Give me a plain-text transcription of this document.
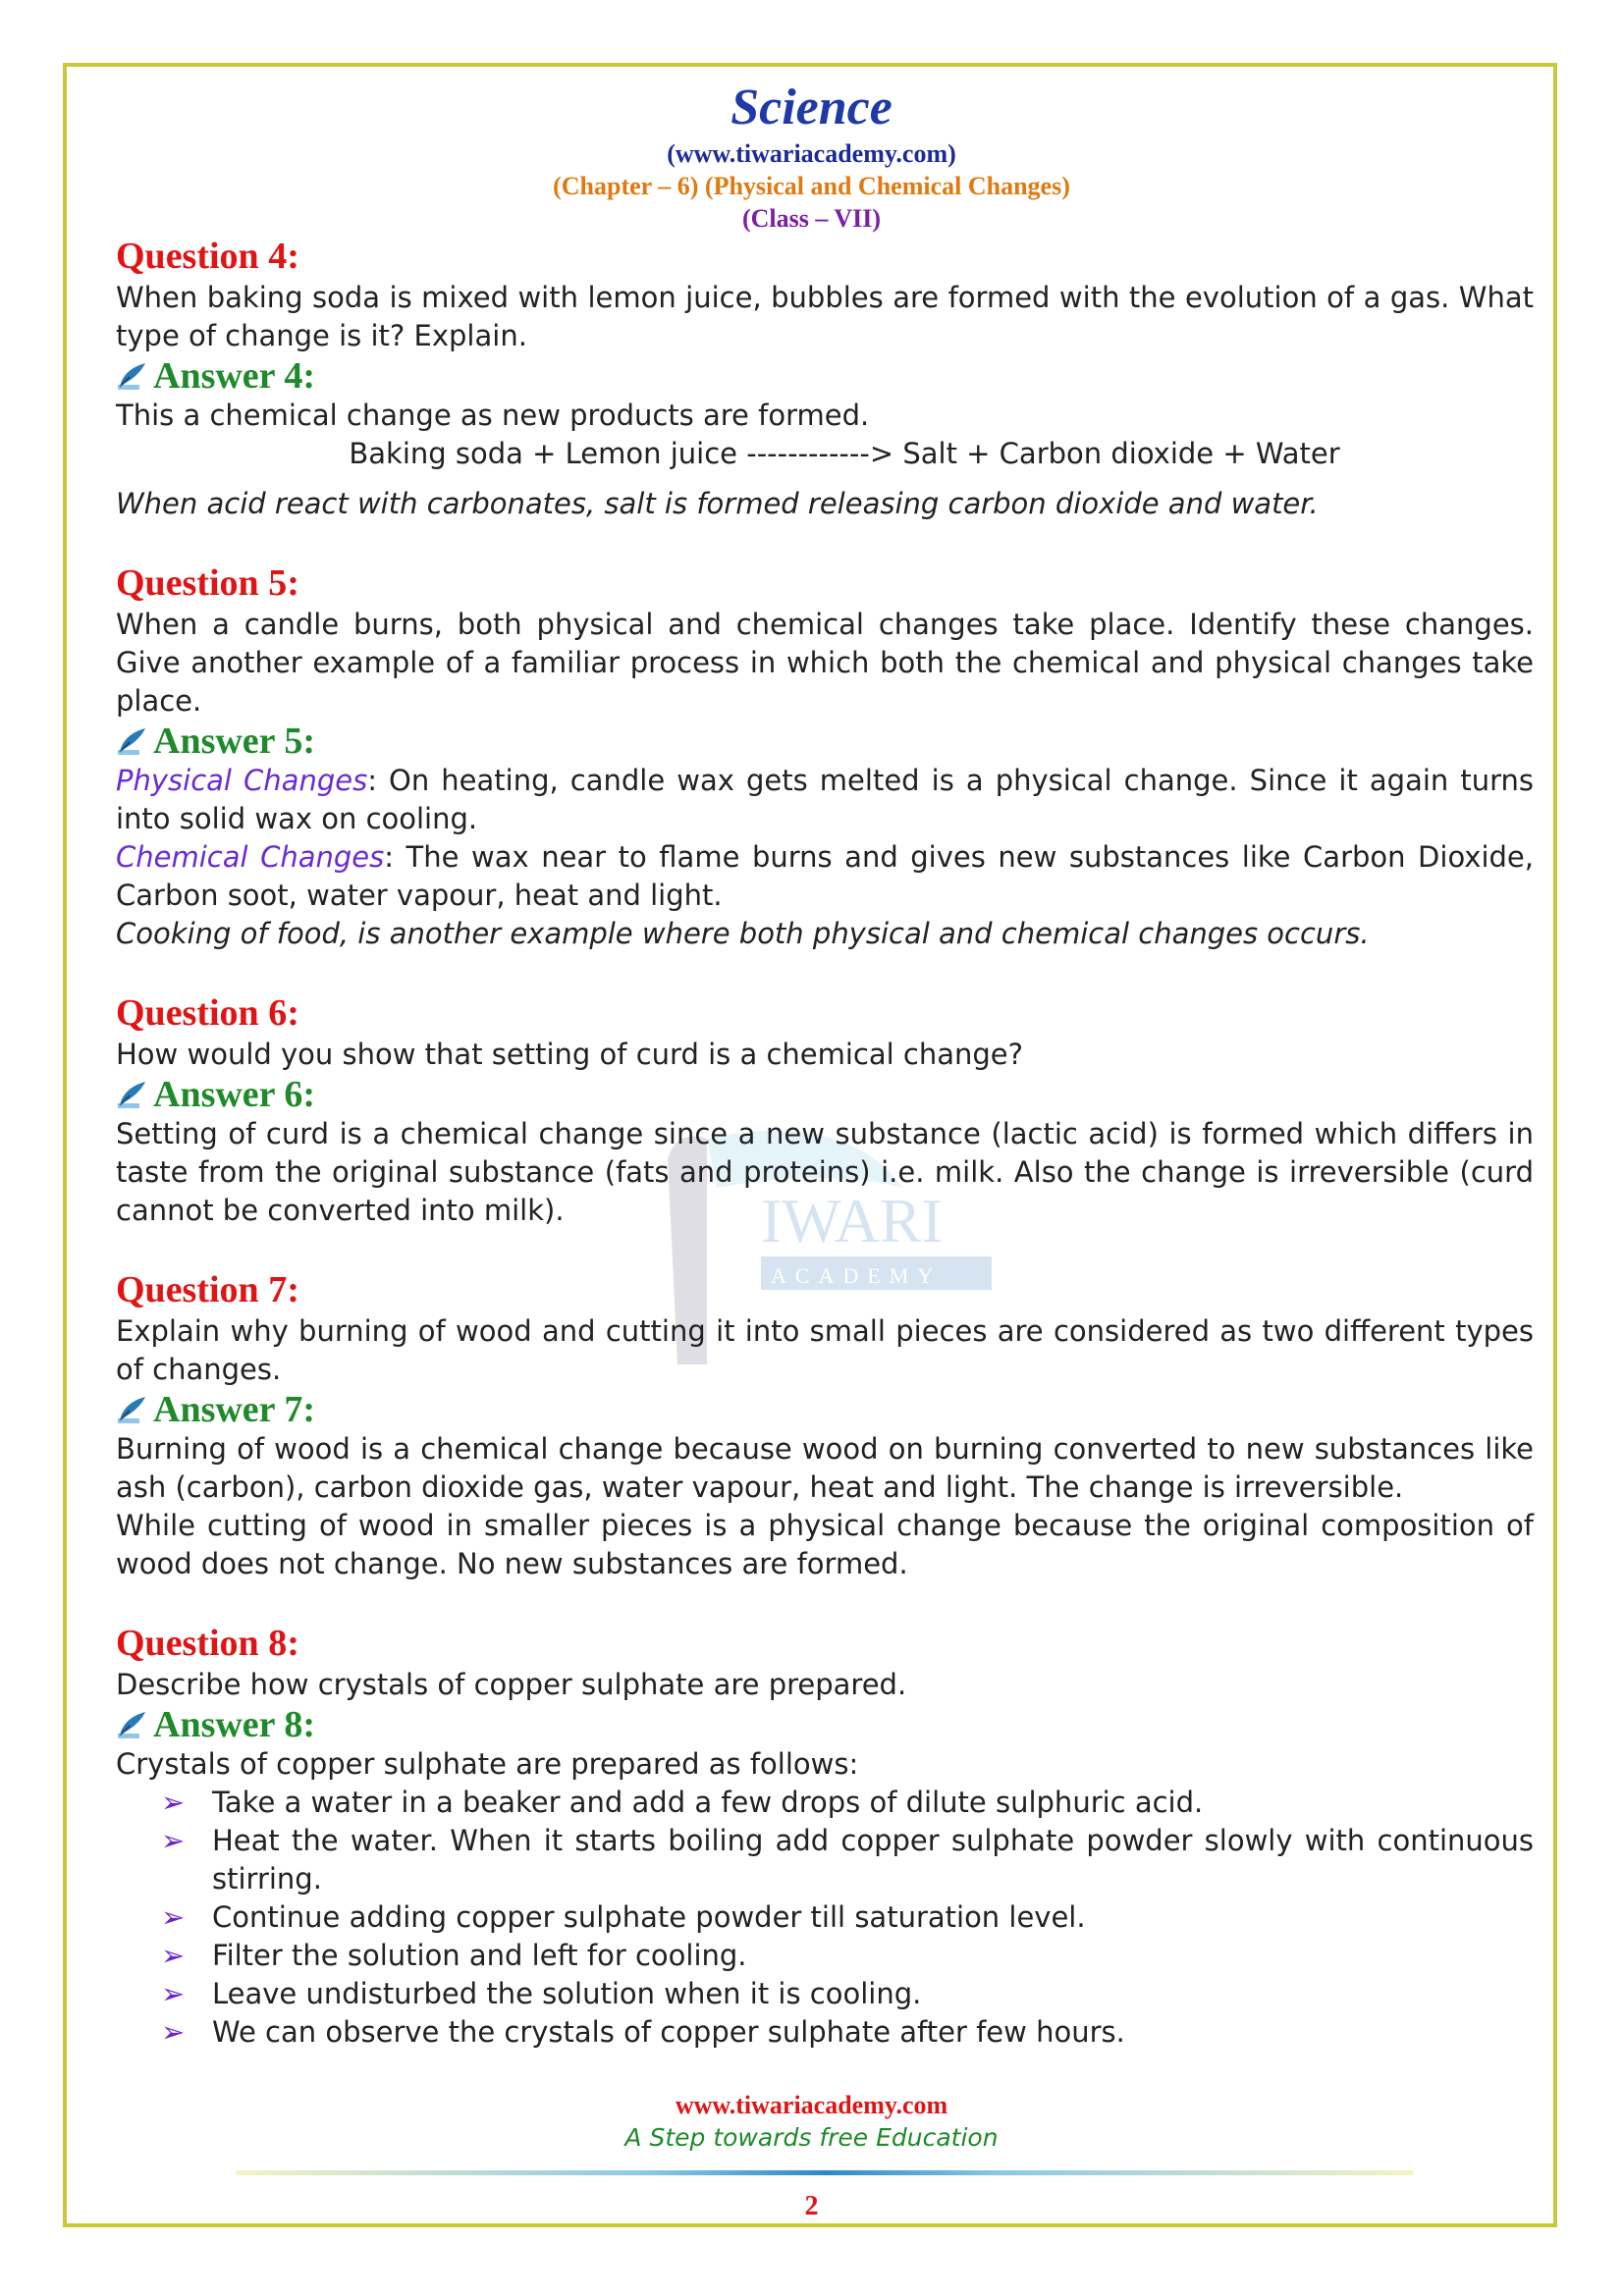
Science
(www.tiwariacademy.com)
(Chapter – 6) (Physical and Chemical Changes)
(Class – VII)
IWARI
ACADEMY
Question 4:
When baking soda is mixed with lemon juice, bubbles are formed with the evolution of a gas. What type of change is it? Explain.
Answer 4:
This a chemical change as new products are formed.
Baking soda + Lemon juice ------------> Salt + Carbon dioxide + Water
When acid react with carbonates, salt is formed releasing carbon dioxide and water.
Question 5:
When a candle burns, both physical and chemical changes take place. Identify these changes. Give another example of a familiar process in which both the chemical and physical changes take place.
Answer 5:
Physical Changes: On heating, candle wax gets melted is a physical change. Since it again turns into solid wax on cooling.
Chemical Changes: The wax near to flame burns and gives new substances like Carbon Dioxide, Carbon soot, water vapour, heat and light.
Cooking of food, is another example where both physical and chemical changes occurs.
Question 6:
How would you show that setting of curd is a chemical change?
Answer 6:
Setting of curd is a chemical change since a new substance (lactic acid) is formed which differs in taste from the original substance (fats and proteins) i.e. milk. Also the change is irreversible (curd cannot be converted into milk).
Question 7:
Explain why burning of wood and cutting it into small pieces are considered as two different types of changes.
Answer 7:
Burning of wood is a chemical change because wood on burning converted to new substances like ash (carbon), carbon dioxide gas, water vapour, heat and light. The change is irreversible.
While cutting of wood in smaller pieces is a physical change because the original composition of wood does not change. No new substances are formed.
Question 8:
Describe how crystals of copper sulphate are prepared.
Answer 8:
Crystals of copper sulphate are prepared as follows:
➢ Take a water in a beaker and add a few drops of dilute sulphuric acid.
➢ Heat the water. When it starts boiling add copper sulphate powder slowly with continuous stirring.
➢ Continue adding copper sulphate powder till saturation level.
➢ Filter the solution and left for cooling.
➢ Leave undisturbed the solution when it is cooling.
➢ We can observe the crystals of copper sulphate after few hours.
www.tiwariacademy.com
A Step towards free Education
2
